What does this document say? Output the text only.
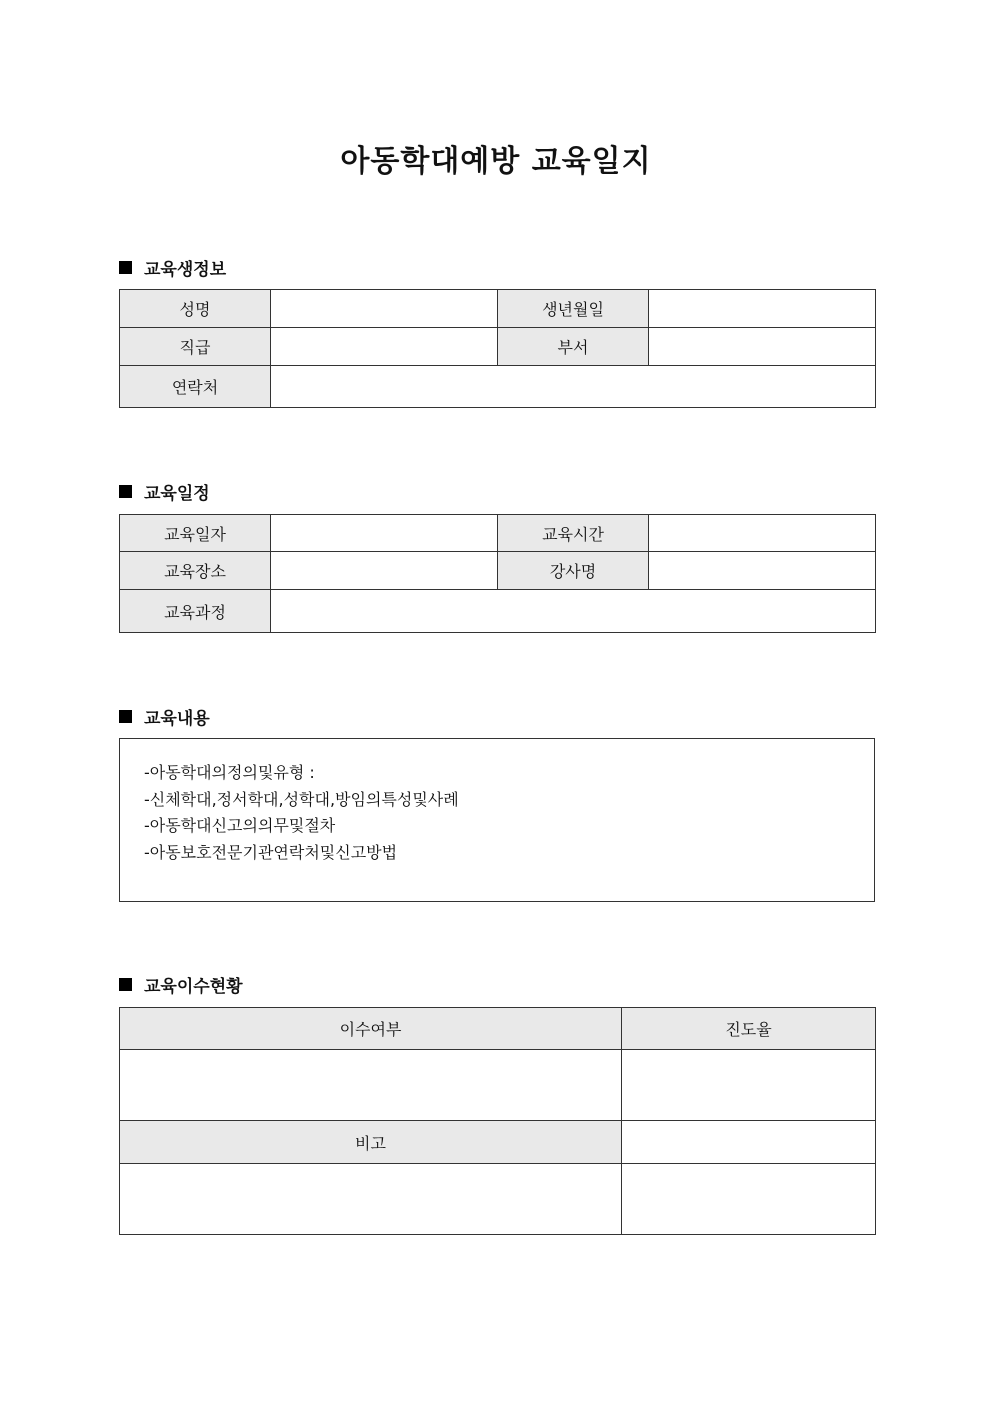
아동학대예방 교육일지
교육생정보
성명		생년월일	
직급		부서	
연락처			
교육일정
교육일자		교육시간	
교육장소		강사명	
교육과정			
교육내용
-아동학대의정의및유형 :
-신체학대,정서학대,성학대,방임의특성및사례
-아동학대신고의의무및절차
-아동보호전문기관연락처및신고방법
교육이수현황
이수여부	진도율

비고	
